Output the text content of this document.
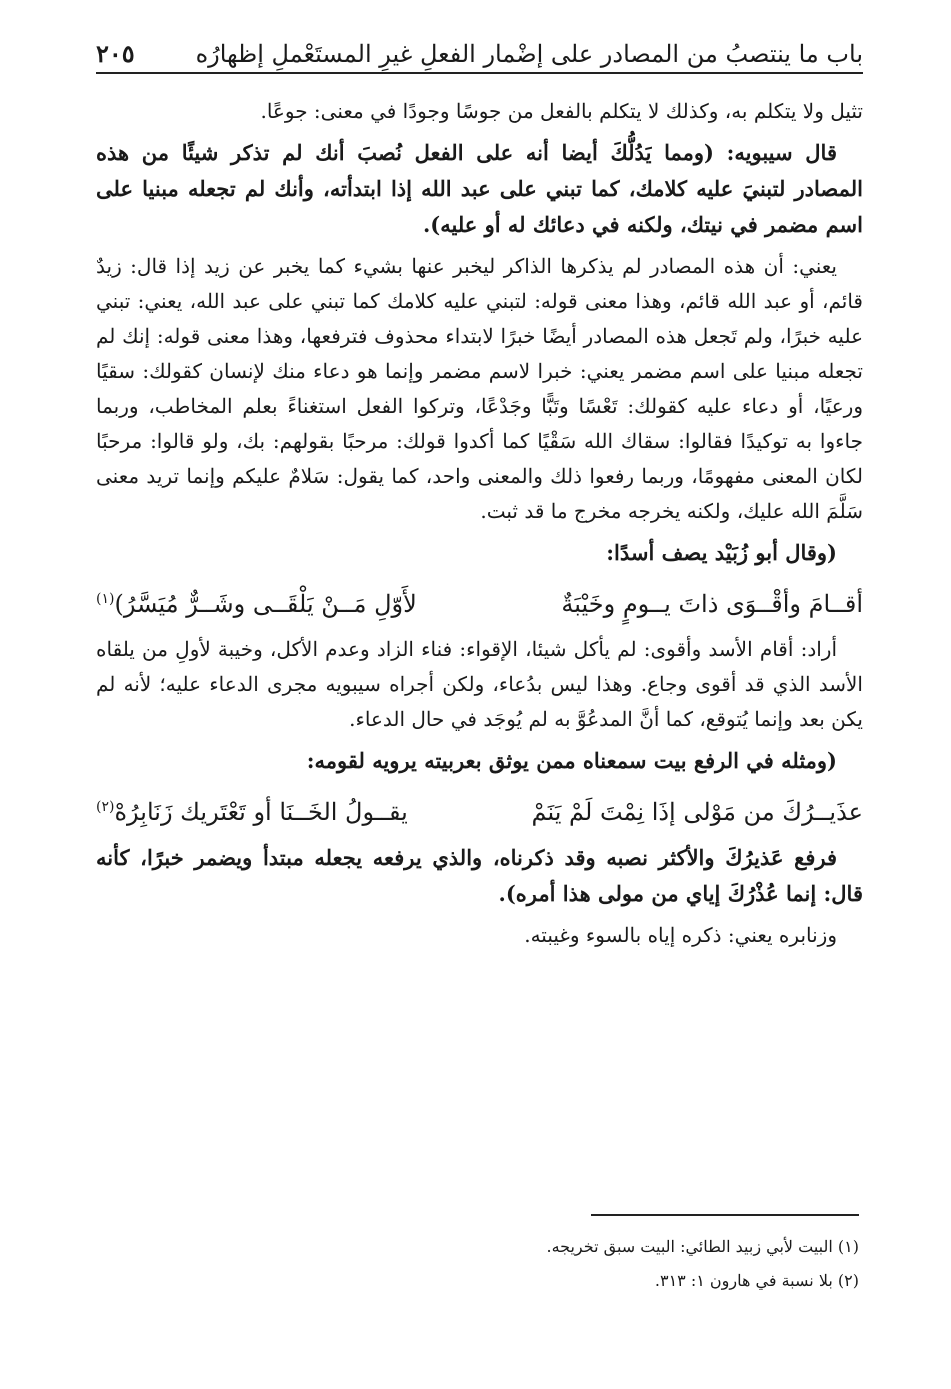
باب ما ينتصبُ من المصادر على إضْمار الفعلِ غيرِ المستَعْملِ إظهارُه
٢٠٥

تثيل ولا يتكلم به، وكذلك لا يتكلم بالفعل من جوسًا وجودًا في معنى: جوعًا.

قال سيبويه: (ومما يَدُلُّكَ أيضا أنه على الفعل نُصبَ أنك لم تذكر شيئًا من هذه المصادر لتبنيَ عليه كلامك، كما تبني على عبد الله إذا ابتدأته، وأنك لم تجعله مبنيا على اسم مضمر في نيتك، ولكنه في دعائك له أو عليه).

يعني: أن هذه المصادر لم يذكرها الذاكر ليخبر عنها بشيء كما يخبر عن زيد إذا قال: زيدٌ قائم، أو عبد الله قائم، وهذا معنى قوله: لتبني عليه كلامك كما تبني على عبد الله، يعني: تبني عليه خبرًا، ولم تَجعل هذه المصادر أيضًا خبرًا لابتداء محذوف فترفعها، وهذا معنى قوله: إنك لم تجعله مبنيا على اسم مضمر يعني: خبرا لاسم مضمر وإنما هو دعاء منك لإنسان كقولك: سقيًا ورعيًا، أو دعاء عليه كقولك: تَعْسًا وتَبًّا وجَدْعًا، وتركوا الفعل استغناءً بعلم المخاطب، وربما جاءوا به توكيدًا فقالوا: سقاك الله سَقْيًا كما أكدوا قولك: مرحبًا بقولهم: بك، ولو قالوا: مرحبًا لكان المعنى مفهومًا، وربما رفعوا ذلك والمعنى واحد، كما يقول: سَلامٌ عليكم وإنما تريد معنى سَلَّمَ الله عليك، ولكنه يخرجه مخرج ما قد ثبت.

(وقال أبو زُبَيْد يصف أسدًا:

أقــامَ وأقْــوَى ذاتَ يــومٍ وخَيْبَةٌ
لأَوّلِ مَــنْ يَلْقَــى وشَــرٌّ مُيَسَّرُ)$^{(١)}$

أراد: أقام الأسد وأقوى: لم يأكل شيئا، الإقواء: فناء الزاد وعدم الأكل، وخيبة لأولِ من يلقاه الأسد الذي قد أقوى وجاع. وهذا ليس بدُعاء، ولكن أجراه سيبويه مجرى الدعاء عليه؛ لأنه لم يكن بعد وإنما يُتوقع، كما أنَّ المدعُوَّ به لم يُوجَد في حال الدعاء.

(ومثله في الرفع بيت سمعناه ممن يوثق بعربيته يرويه لقومه:

عذَيــرُكَ من مَوْلى إذَا نِمْتَ لَمْ يَنَمْ
يقــولُ الخَــنَا أو تَعْتَريك زَنَابِرُهْ$^{(٢)}$

فرفع عَذيرُكَ والأكثر نصبه وقد ذكرناه، والذي يرفعه يجعله مبتدأ ويضمر خبرًا، كأنه قال: إنما عُذْرُكَ إياي من مولى هذا أمره).

وزنابره يعني: ذكره إياه بالسوء وغيبته.

(١) البيت لأبي زبيد الطائي: البيت سبق تخريجه.
(٢) بلا نسبة في هارون ١: ٣١٣.
